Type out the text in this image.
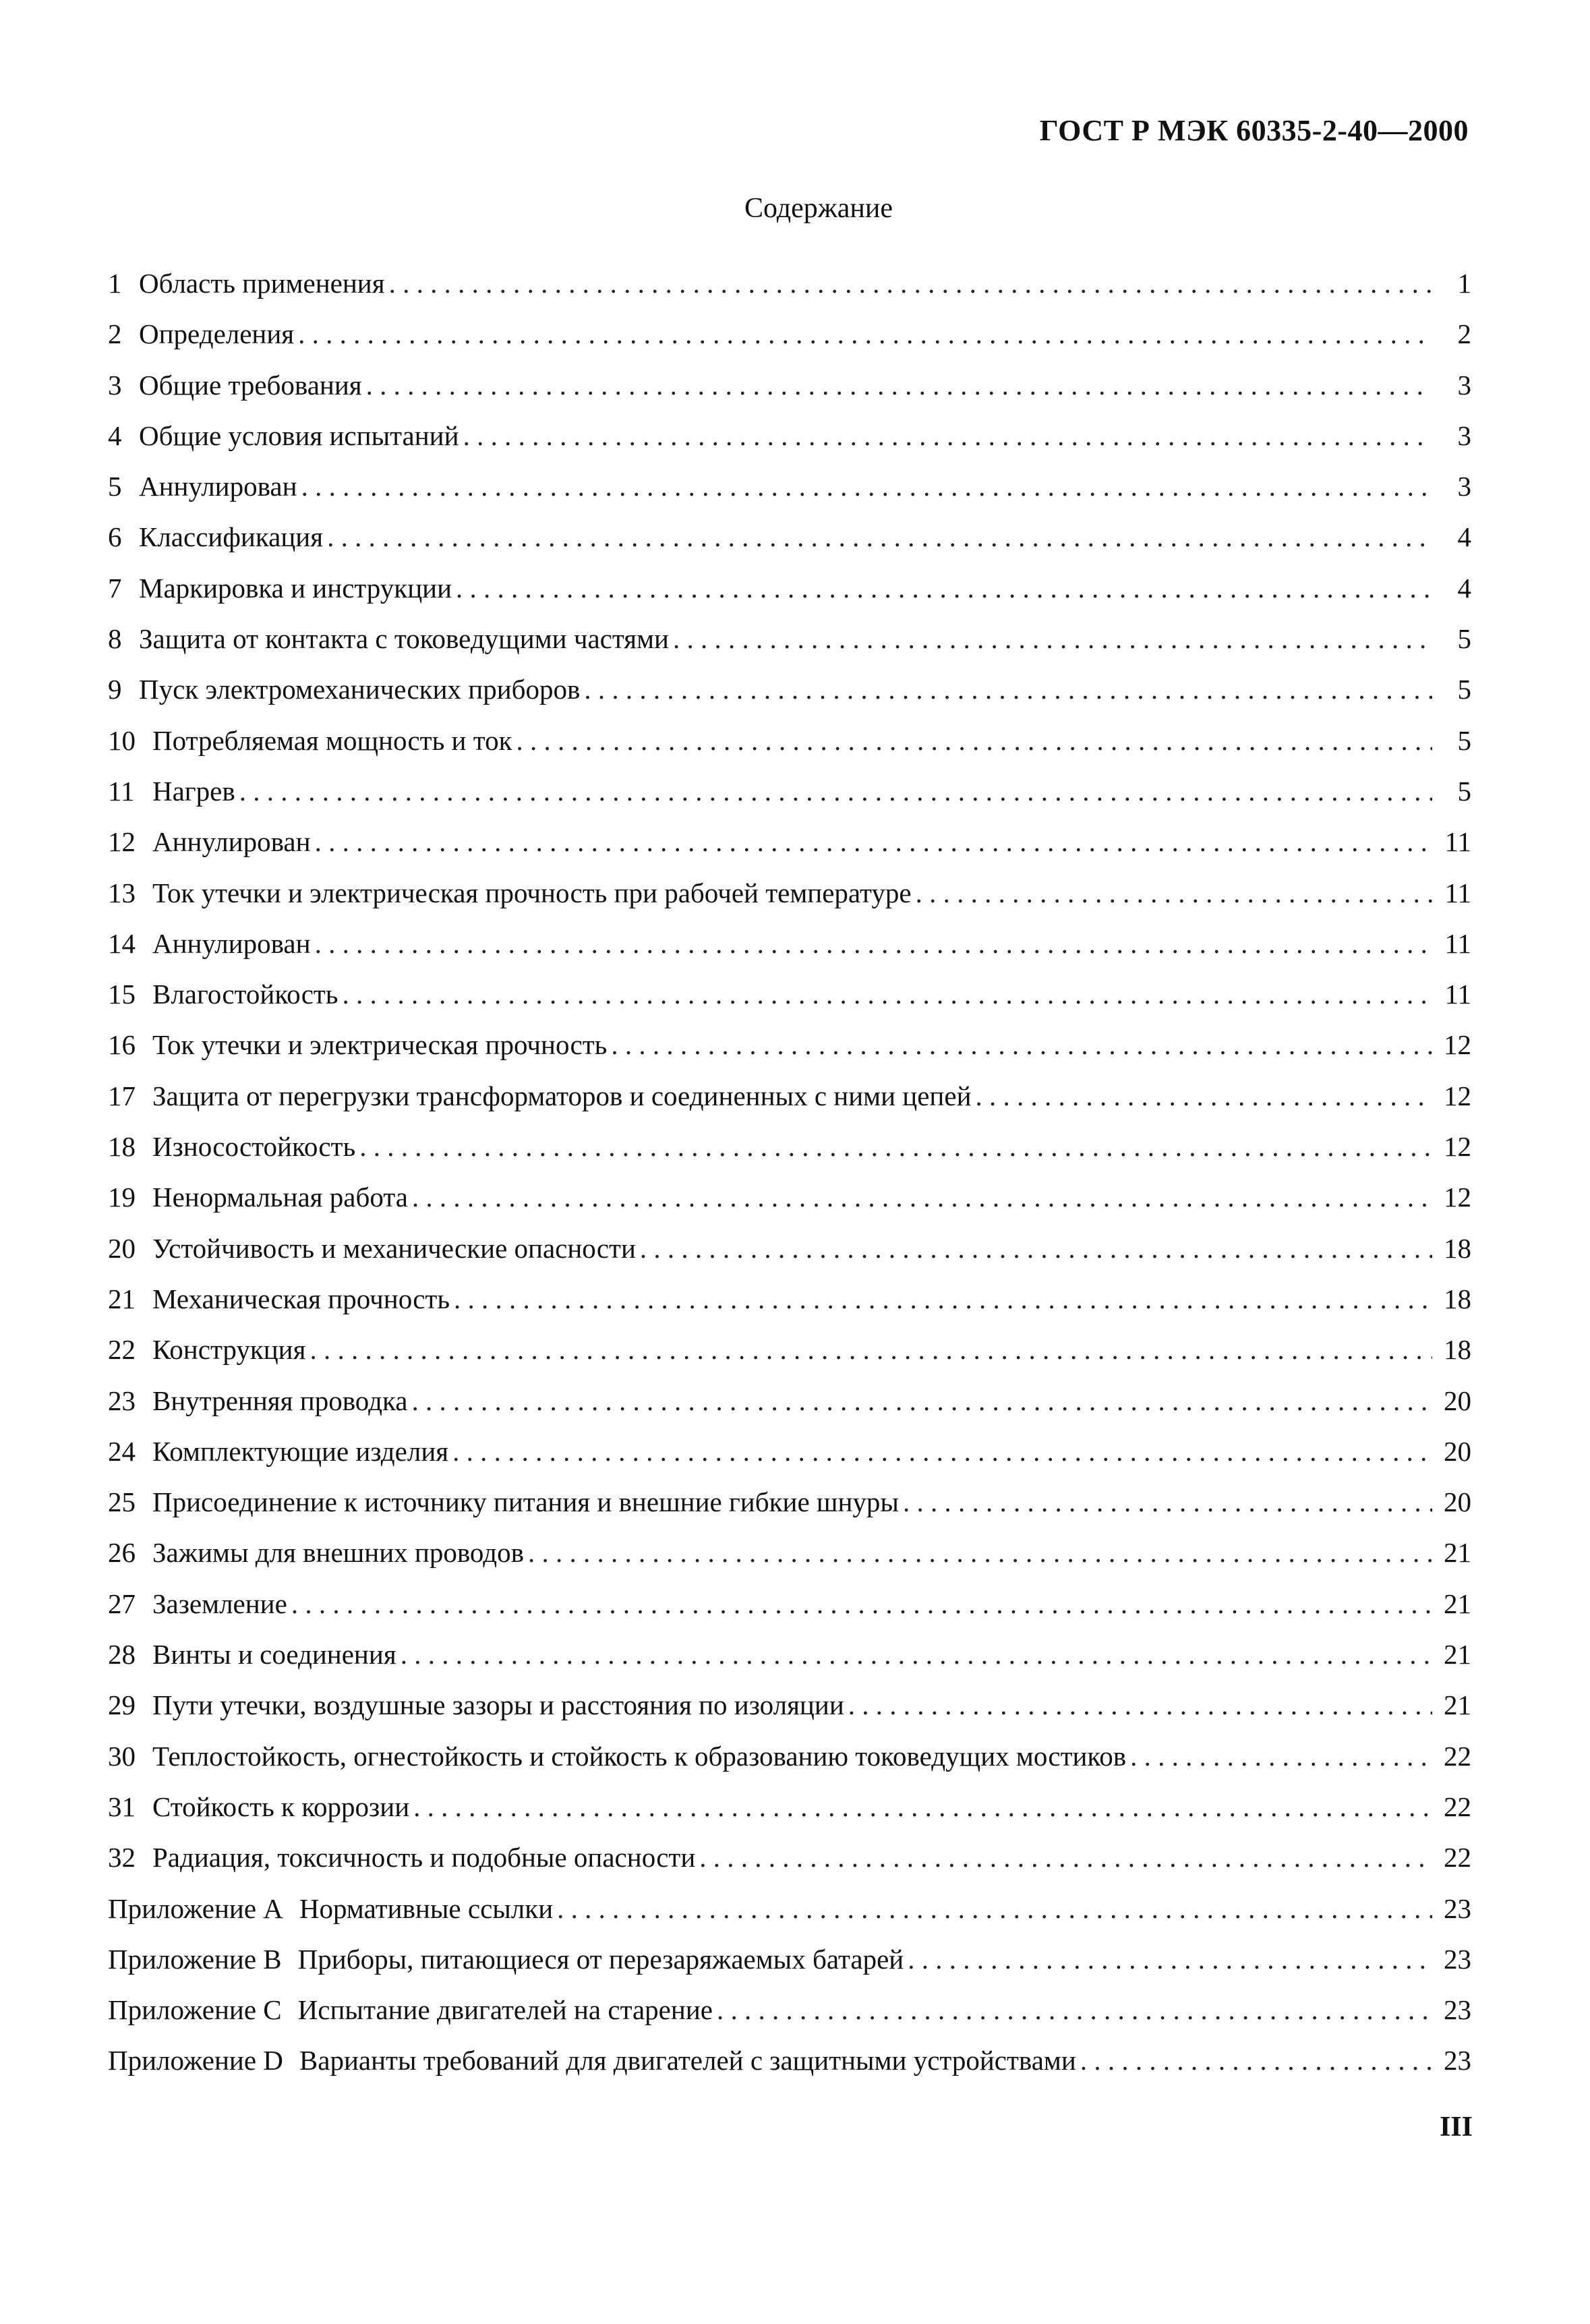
ГОСТ Р МЭК 60335-2-40—2000
Содержание
1 Область применения . . .	1
2 Определения . . .	2
3 Общие требования . . .	3
4 Общие условия испытаний . . .	3
5 Аннулирован . . .	3
6 Классификация . . .	4
7 Маркировка и инструкции . . .	4
8 Защита от контакта с токоведущими частями . . .	5
9 Пуск электромеханических приборов . . .	5
10 Потребляемая мощность и ток . . .	5
11 Нагрев . . .	5
12 Аннулирован . . .	11
13 Ток утечки и электрическая прочность при рабочей температуре . . .	11
14 Аннулирован . . .	11
15 Влагостойкость . . .	11
16 Ток утечки и электрическая прочность . . .	12
17 Защита от перегрузки трансформаторов и соединенных с ними цепей . . .	12
18 Износостойкость . . .	12
19 Ненормальная работа . . .	12
20 Устойчивость и механические опасности . . .	18
21 Механическая прочность . . .	18
22 Конструкция . . .	18
23 Внутренняя проводка . . .	20
24 Комплектующие изделия . . .	20
25 Присоединение к источнику питания и внешние гибкие шнуры . . .	20
26 Зажимы для внешних проводов . . .	21
27 Заземление . . .	21
28 Винты и соединения . . .	21
29 Пути утечки, воздушные зазоры и расстояния по изоляции . . .	21
30 Теплостойкость, огнестойкость и стойкость к образованию токоведущих мостиков . . .	22
31 Стойкость к коррозии . . .	22
32 Радиация, токсичность и подобные опасности . . .	22
Приложение А Нормативные ссылки . . .	23
Приложение В Приборы, питающиеся от перезаряжаемых батарей . . .	23
Приложение С Испытание двигателей на старение . . .	23
Приложение D Варианты требований для двигателей с защитными устройствами . . .	23
III
